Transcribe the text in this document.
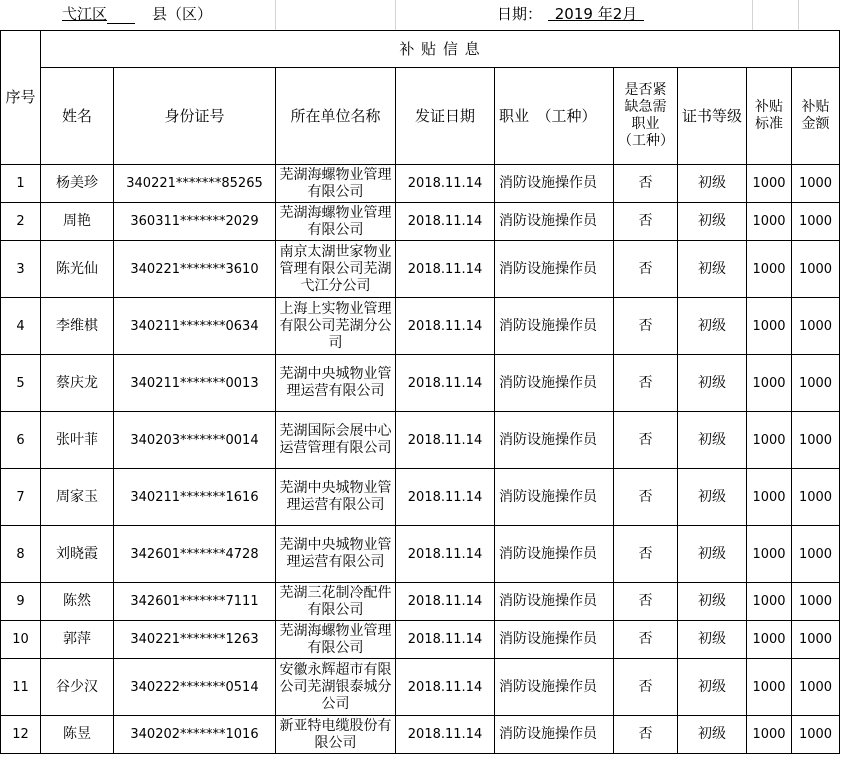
弋江区	县（区）	日期： 2019 年2月
序号	补 贴 信 息								
	姓名	身份证号	所在单位名称	发证日期	职业　（工种）	是否紧缺急需职业（工种）	证书等级	补贴标准	补贴金额
1	杨美珍	340221*******85265	芜湖海螺物业管理有限公司	2018.11.14	消防设施操作员	否	初级	1000	1000
2	周艳	360311*******2029	芜湖海螺物业管理有限公司	2018.11.14	消防设施操作员	否	初级	1000	1000
3	陈光仙	340221*******3610	南京太湖世家物业管理有限公司芜湖弋江分公司	2018.11.14	消防设施操作员	否	初级	1000	1000
4	李维棋	340211*******0634	上海上实物业管理有限公司芜湖分公司	2018.11.14	消防设施操作员	否	初级	1000	1000
5	蔡庆龙	340211*******0013	芜湖中央城物业管理运营有限公司	2018.11.14	消防设施操作员	否	初级	1000	1000
6	张叶菲	340203*******0014	芜湖国际会展中心运营管理有限公司	2018.11.14	消防设施操作员	否	初级	1000	1000
7	周家玉	340211*******1616	芜湖中央城物业管理运营有限公司	2018.11.14	消防设施操作员	否	初级	1000	1000
8	刘晓霞	342601*******4728	芜湖中央城物业管理运营有限公司	2018.11.14	消防设施操作员	否	初级	1000	1000
9	陈然	342601*******7111	芜湖三花制冷配件有限公司	2018.11.14	消防设施操作员	否	初级	1000	1000
10	郭萍	340221*******1263	芜湖海螺物业管理有限公司	2018.11.14	消防设施操作员	否	初级	1000	1000
11	谷少汉	340222*******0514	安徽永辉超市有限公司芜湖银泰城分公司	2018.11.14	消防设施操作员	否	初级	1000	1000
12	陈昱	340202*******1016	新亚特电缆股份有限公司	2018.11.14	消防设施操作员	否	初级	1000	1000
